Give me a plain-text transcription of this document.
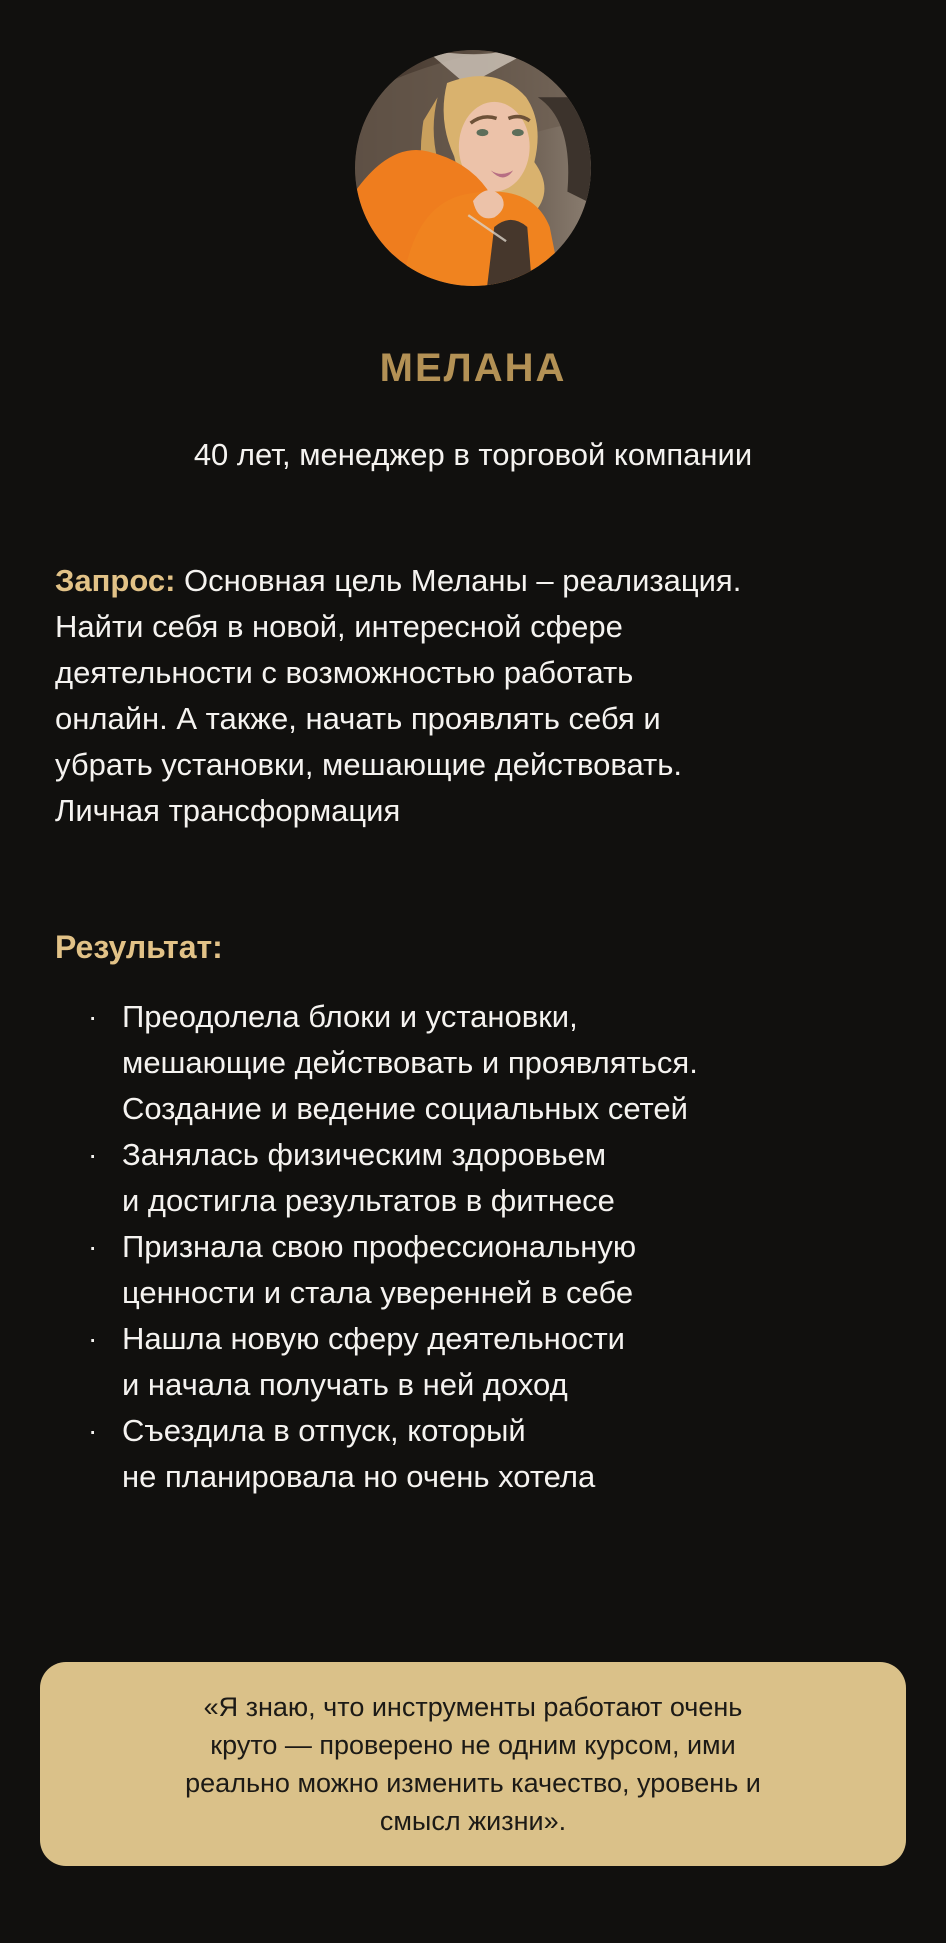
МЕЛАНА
40 лет, менеджер в торговой компании
Запрос: Основная цель Меланы – реализация.
Найти себя в новой, интересной сфере
деятельности с возможностью работать
онлайн. А также, начать проявлять себя и
убрать установки, мешающие действовать.
Личная трансформация
Результат:
· Преодолела блоки и установки,
мешающие действовать и проявляться.
Создание и ведение социальных сетей
· Занялась физическим здоровьем
и достигла результатов в фитнесе
· Признала свою профессиональную
ценности и стала уверенней в себе
· Нашла новую сферу деятельности
и начала получать в ней доход
· Съездила в отпуск, который
не планировала но очень хотела
«Я знаю, что инструменты работают очень
круто — проверено не одним курсом, ими
реально можно изменить качество, уровень и
смысл жизни».
